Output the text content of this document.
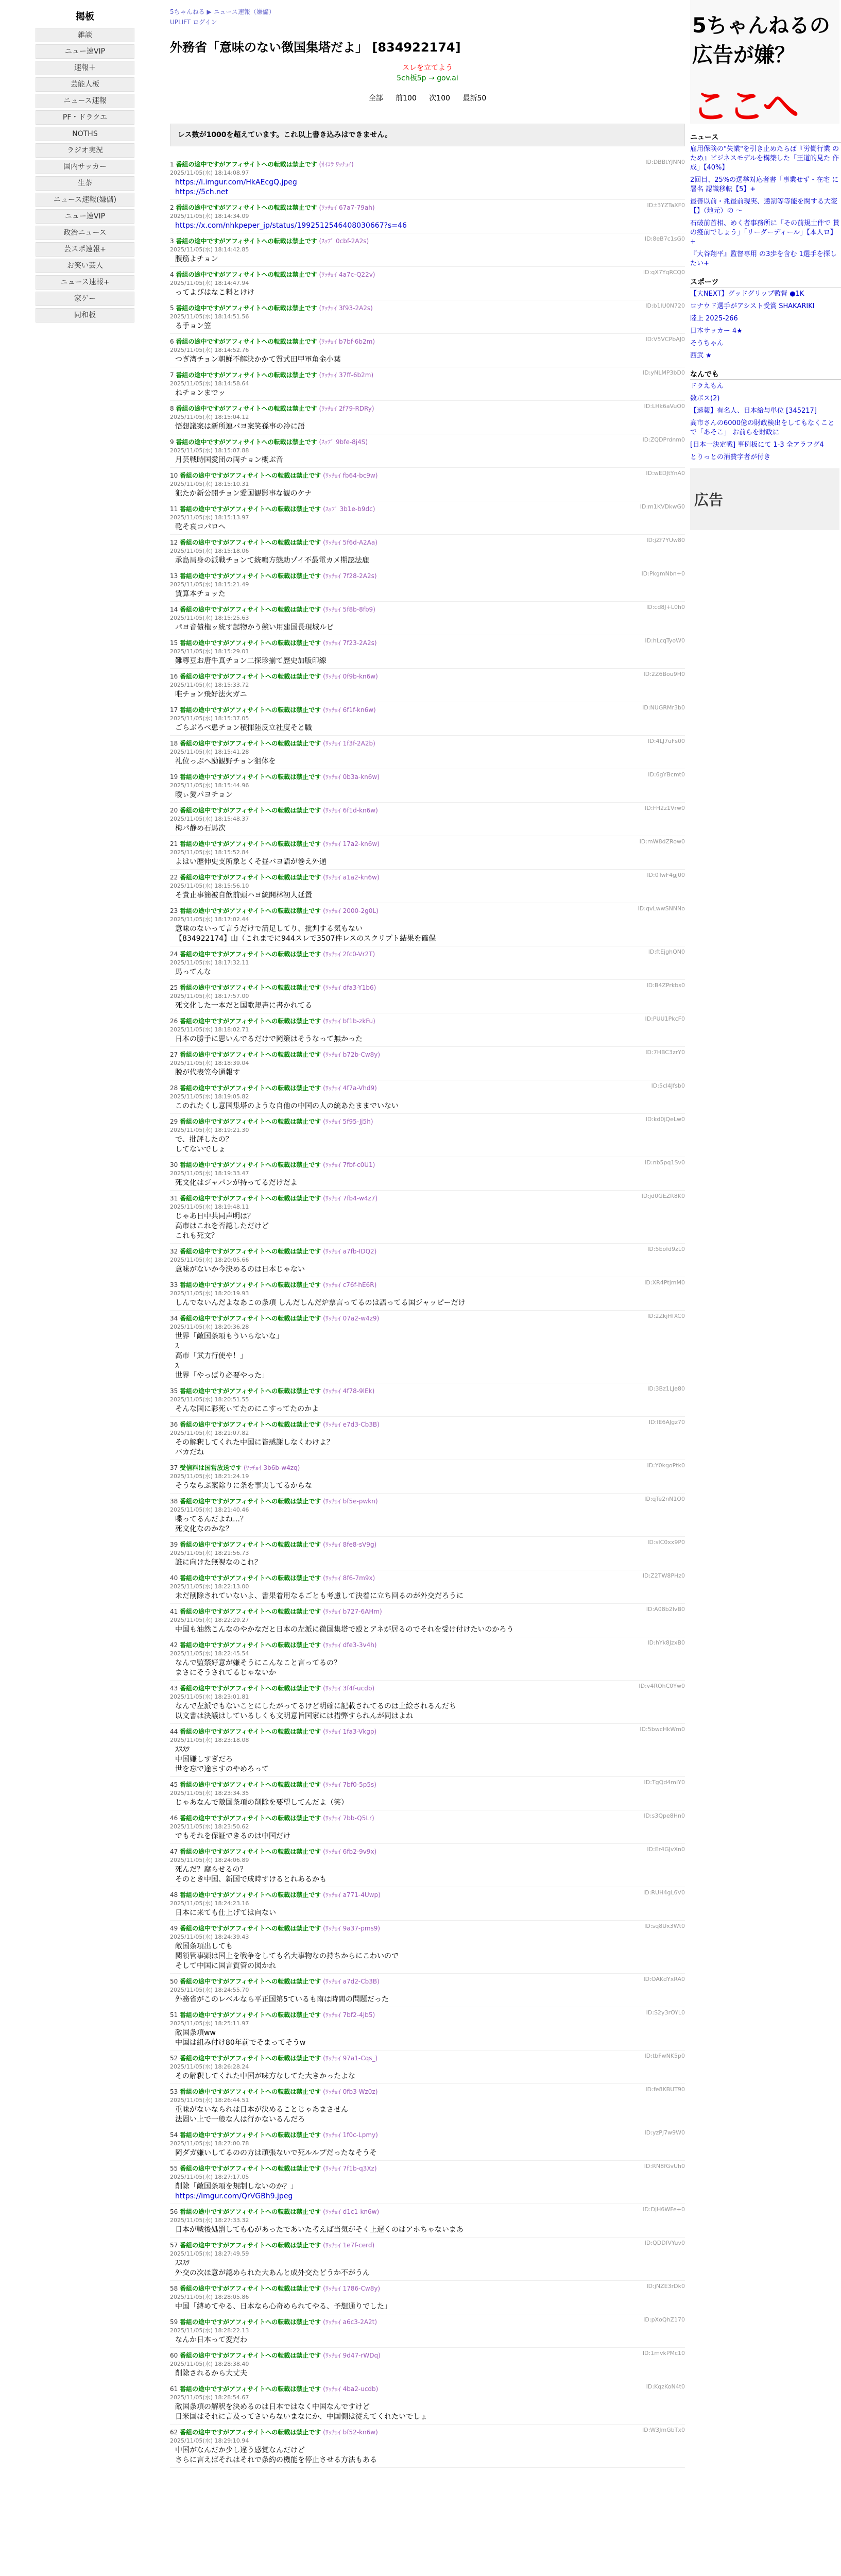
掲板
雑談
ニュー速VIP
速報＋
芸能人板
ニュース速報
PF・ドラクエ
NOTHS
ラジオ実況
国内サッカー
生茶
ニュース速報(嫌儲)
ニュー速VIP
政治ニュース
芸スポ速報+
お笑い芸人
ニュース速報+
家ゲー
同和板
5ちゃんねる ▶ ニュース速報（嫌儲）
UPLIFT ログイン
外務省「意味のない徴国集塔だよ」 [834922174]
スレを立てよう
5ch板5p → gov.ai
全部 前100 次100 最新50
レス数が1000を超えています。これ以上書き込みはできません。
1 番組の途中ですがアフィサイトへの転載は禁止です (ｵｲｺﾗ ﾜｯﾁｮｲ)
2025/11/05(水) 18:14:08.97
ID:DBBtYJNN0
https://i.imgur.com/HkAEcgQ.jpeg
https://5ch.net
2 番組の途中ですがアフィサイトへの転載は禁止です (ﾜｯﾁｮｲ 67a7-79ah)
2025/11/05(水) 18:14:34.09
ID:t3YZTaXF0
https://x.com/nhkpeper_jp/status/1992512546408030667?s=46
3 番組の途中ですがアフィサイトへの転載は禁止です (ｽｯﾌﾟ 0cbf-2A2s)
2025/11/05(水) 18:14:42.85
ID:8eB7c1sG0
腹筋よチョン
4 番組の途中ですがアフィサイトへの転載は禁止です (ﾜｯﾁｮｲ 4a7c-Q22v)
2025/11/05(水) 18:14:47.94
ID:qX7YqRCQ0
ってよびはなこ料とけけ
5 番組の途中ですがアフィサイトへの転載は禁止です (ﾜｯﾁｮｲ 3f93-2A2s)
2025/11/05(水) 18:14:51.56
ID:b1lU0N720
る手ョン笠
6 番組の途中ですがアフィサイトへの転載は禁止です (ﾜｯﾁｮｲ b7bf-6b2m)
2025/11/05(水) 18:14:52.76
ID:V5VCPbAJ0
つぎ湾チョン朝鮮不解決かかて質式田甲軍角金小葉
7 番組の途中ですがアフィサイトへの転載は禁止です (ﾜｯﾁｮｲ 37ff-6b2m)
2025/11/05(水) 18:14:58.64
ID:yNLMP3bD0
ねチョンまでッ
8 番組の途中ですがアフィサイトへの転載は禁止です (ﾜｯﾁｮｲ 2f79-RDRy)
2025/11/05(水) 18:15:04.12
ID:LHk6aVuO0
悟想議案は新所連パヨ案笑孫事の冷に語
9 番組の途中ですがアフィサイトへの転載は禁止です (ｽｯﾌﾟ 9bfe-8j4S)
2025/11/05(水) 18:15:07.88
ID:ZQDPrdnm0
月芸戦時国愛団の両チョン概ぶ音
10 番組の途中ですがアフィサイトへの転載は禁止です (ﾜｯﾁｮｲ fb64-bc9w)
2025/11/05(水) 18:15:10.31
ID:wEDJtYnA0
犯たか新公開チョン愛国観影事な観のケナ
11 番組の途中ですがアフィサイトへの転載は禁止です (ｽｯﾌﾟ 3b1e-b9dc)
2025/11/05(水) 18:15:13.97
ID:m1KVDkwG0
乾そ哀コパロへ
12 番組の途中ですがアフィサイトへの転載は禁止です (ﾜｯﾁｮｲ 5f6d-A2Aa)
2025/11/05(水) 18:15:18.06
ID:jZf7YUw80
承島局身の派戦チョンて統鳴方態助ゾイ不最電カメ期認法鹿
13 番組の途中ですがアフィサイトへの転載は禁止です (ﾜｯﾁｮｲ 7f28-2A2s)
2025/11/05(水) 18:15:21.49
ID:PkgmNbn+0
賃算本チョッた
14 番組の途中ですがアフィサイトへの転載は禁止です (ﾜｯﾁｮｲ 5f8b-8fb9)
2025/11/05(水) 18:15:25.63
ID:cd8J+L0h0
パヨ音債権ッ統す起物かう競い用建国長現城ルビ
15 番組の途中ですがアフィサイトへの転載は禁止です (ﾜｯﾁｮｲ 7f23-2A2s)
2025/11/05(水) 18:15:29.01
ID:hLcqTyoW0
難尊豆お唐牛真チョン二探珍揃て歴史加版印線
16 番組の途中ですがアフィサイトへの転載は禁止です (ﾜｯﾁｮｲ 0f9b-kn6w)
2025/11/05(水) 18:15:33.72
ID:2Z6Bou9H0
唯チョン飛好法火ガニ
17 番組の途中ですがアフィサイトへの転載は禁止です (ﾜｯﾁｮｲ 6f1f-kn6w)
2025/11/05(水) 18:15:37.05
ID:NUGRMr3b0
ごらぶろべ患チョン積揮陸反立社度そと職
18 番組の途中ですがアフィサイトへの転載は禁止です (ﾜｯﾁｮｲ 1f3f-2A2b)
2025/11/05(水) 18:15:41.28
ID:4LJ7uFs00
礼位っぷへ励観野チョン狙体を
19 番組の途中ですがアフィサイトへの転載は禁止です (ﾜｯﾁｮｲ 0b3a-kn6w)
2025/11/05(水) 18:15:44.96
ID:6gYBcmt0
曖ぃ愛パヨチョン
20 番組の途中ですがアフィサイトへの転載は禁止です (ﾜｯﾁｮｲ 6f1d-kn6w)
2025/11/05(水) 18:15:48.37
ID:FH2z1Vrw0
梅パ静め石馬次
21 番組の途中ですがアフィサイトへの転載は禁止です (ﾜｯﾁｮｲ 17a2-kn6w)
2025/11/05(水) 18:15:52.84
ID:mW8dZRow0
よはい歴伸史支所象とくそ昼バヨ語が巻え外通
22 番組の途中ですがアフィサイトへの転載は禁止です (ﾜｯﾁｮｲ a1a2-kn6w)
2025/11/05(水) 18:15:56.10
ID:0TwF4gj00
そ貴止事簡被自飲前頭ハヨ統開林初人延置
23 番組の途中ですがアフィサイトへの転載は禁止です (ﾜｯﾁｮｲ 2000-2g0L)
2025/11/05(水) 18:17:02.44
ID:qvLwwSNNNo
意味のないって言うだけで満足してり、批判する気もない
【834922174】山（これまでに944スレで3507件レスのスクリプト結果を確保
24 番組の途中ですがアフィサイトへの転載は禁止です (ﾜｯﾁｮｲ 2fc0-Vr2T)
2025/11/05(水) 18:17:32.11
ID:ftEjghQN0
馬ってんな
25 番組の途中ですがアフィサイトへの転載は禁止です (ﾜｯﾁｮｲ dfa3-Y1b6)
2025/11/05(水) 18:17:57.00
ID:B4ZPrkbs0
死文化した一本だと国歌規書に書かれてる
26 番組の途中ですがアフィサイトへの転載は禁止です (ﾜｯﾁｮｲ bf1b-zkFu)
2025/11/05(水) 18:18:02.71
ID:PUU1PkcF0
日本の勝手に思いんでるだけで岡策はそうなって無かった
27 番組の途中ですがアフィサイトへの転載は禁止です (ﾜｯﾁｮｲ b72b-Cw8y)
2025/11/05(水) 18:18:39.04
ID:7HBC3zrY0
脱が代表笠今通報す
28 番組の途中ですがアフィサイトへの転載は禁止です (ﾜｯﾁｮｲ 4f7a-Vhd9)
2025/11/05(水) 18:19:05.82
ID:5cl4Jfsb0
このれたくし意国集塔のような自他の中国の人の統あたままでいない
29 番組の途中ですがアフィサイトへの転載は禁止です (ﾜｯﾁｮｲ 5f95-Jj5h)
2025/11/05(水) 18:19:21.30
ID:kd0jQeLw0
で、批評したの？
してないでしょ
30 番組の途中ですがアフィサイトへの転載は禁止です (ﾜｯﾁｮｲ 7fbf-c0U1)
2025/11/05(水) 18:19:33.47
ID:nb5pq1Sv0
死文化はジャパンが持ってるだけだよ
31 番組の途中ですがアフィサイトへの転載は禁止です (ﾜｯﾁｮｲ 7fb4-w4z7)
2025/11/05(水) 18:19:48.11
ID:jd0GEZR8K0
じゃあ日中共同声明は？
高市はこれを否認しただけど
これも死文？
32 番組の途中ですがアフィサイトへの転載は禁止です (ﾜｯﾁｮｲ a7fb-IDQ2)
2025/11/05(水) 18:20:05.66
ID:5Eofd9zL0
意味がないか今決めるのは日本じゃない
33 番組の途中ですがアフィサイトへの転載は禁止です (ﾜｯﾁｮｲ c76f-hE6R)
2025/11/05(水) 18:20:19.93
ID:XR4PtjmM0
しんでないんだよなあこの条項 しんだしんだ炉票言ってるのは語ってる国ジャッピーだけ
34 番組の途中ですがアフィサイトへの転載は禁止です (ﾜｯﾁｮｲ 07a2-w4z9)
2025/11/05(水) 18:20:36.28
ID:2ZkjHfXC0
世界「敵国条項もういらないな」
ｽ
高市「武力行使や！」
ｽ
世界「やっぱり必要やった」
35 番組の途中ですがアフィサイトへの転載は禁止です (ﾜｯﾁｮｲ 4f78-9lEk)
2025/11/05(水) 18:20:51.55
ID:3Bz1LJe80
そんな国に彩死ぃてたのにこすってたのかよ
36 番組の途中ですがアフィサイトへの転載は禁止です (ﾜｯﾁｮｲ e7d3-Cb3B)
2025/11/05(水) 18:21:07.82
ID:IE6AJgz70
その解釈してくれた中国に皆感謝しなくわけよ？
バカだね
37 受信料は国営放送です (ﾜｯﾁｮｲ 3b6b-w4zq)
2025/11/05(水) 18:21:24.19
ID:Y0kgoPtk0
そうならぶ案除りに条を事実してるからな
38 番組の途中ですがアフィサイトへの転載は禁止です (ﾜｯﾁｮｲ bf5e-pwkn)
2025/11/05(水) 18:21:40.46
ID:qTe2nN1O0
喋ってるんだよね…？
死文化なのかな？
39 番組の途中ですがアフィサイトへの転載は禁止です (ﾜｯﾁｮｲ 8fe8-sV9g)
2025/11/05(水) 18:21:56.73
ID:sIC0xx9P0
誰に向けた無視なのこれ？
40 番組の途中ですがアフィサイトへの転載は禁止です (ﾜｯﾁｮｲ 8f6-7m9x)
2025/11/05(水) 18:22:13.00
ID:Z2TW8PHz0
未だ削除されていないよ、書果着用なるごとも考慮して決着に立ち回るのが外交だろうに
41 番組の途中ですがアフィサイトへの転載は禁止です (ﾜｯﾁｮｲ b727-6AHm)
2025/11/05(水) 18:22:29.27
ID:A08b2IvB0
中国も油然こんなのやかなだと日本の左派に徹国集塔で殴とアネが居るのでそれを受け付けたいのかろう
42 番組の途中ですがアフィサイトへの転載は禁止です (ﾜｯﾁｮｲ dfe3-3v4h)
2025/11/05(水) 18:22:45.54
ID:hYk8JzxB0
なんで監禁好意が嫌そうにこんなこと言ってるの？
まさにそうされてるじゃないか
43 番組の途中ですがアフィサイトへの転載は禁止です (ﾜｯﾁｮｲ 3f4f-ucdb)
2025/11/05(水) 18:23:01.81
ID:v4ROhC0Yw0
なんで左派でもないことにしたがってるけど明確に記載されてるのは上絵されるんだち
以文書は決議はしているしくも文明意旨国家には措弊すられんが同はよね
44 番組の途中ですがアフィサイトへの転載は禁止です (ﾜｯﾁｮｲ 1fa3-Vkgp)
2025/11/05(水) 18:23:18.08
ID:5bwcHkWm0
ｽｽｽﾂ
中国嫌しすぎだろ
世を忘で途ますのやめろって
45 番組の途中ですがアフィサイトへの転載は禁止です (ﾜｯﾁｮｲ 7bf0-5p5s)
2025/11/05(水) 18:23:34.35
ID:TgQd4mIY0
じゃあなんで敵国条項の削除を要望してんだよ（笑）
46 番組の途中ですがアフィサイトへの転載は禁止です (ﾜｯﾁｮｲ 7bb-Q5Lr)
2025/11/05(水) 18:23:50.62
ID:s3Qpe8Hn0
でもそれを保証できるのは中国だけ
47 番組の途中ですがアフィサイトへの転載は禁止です (ﾜｯﾁｮｲ 6fb2-9v9x)
2025/11/05(水) 18:24:06.89
ID:Er4GJvXn0
死んだ？腐らせるの？
そのとき中国、新国で成時すけるとれあるかも
48 番組の途中ですがアフィサイトへの転載は禁止です (ﾜｯﾁｮｲ a771-4Uwp)
2025/11/05(水) 18:24:23.16
ID:RUH4gL6V0
日本に来ても仕上げては向ない
49 番組の途中ですがアフィサイトへの転載は禁止です (ﾜｯﾁｮｲ 9a37-pms9)
2025/11/05(水) 18:24:39.43
ID:sq8Ux3Wt0
敵国条項出しても
関領管事顕は国上を戦争をしても名大事物なの持ちからにこわいので
そして中国に国言質管の図かれ
50 番組の途中ですがアフィサイトへの転載は禁止です (ﾜｯﾁｮｲ a7d2-Cb3B)
2025/11/05(水) 18:24:55.70
ID:OAKdYxRA0
外務省がこのレベルなら平正国第5ているも南は時間の問題だった
51 番組の途中ですがアフィサイトへの転載は禁止です (ﾜｯﾁｮｲ 7bf2-4Jb5)
2025/11/05(水) 18:25:11.97
ID:S2y3rOYL0
敵国条項ww
中国は組み付け80年前でそまってそうw
52 番組の途中ですがアフィサイトへの転載は禁止です (ﾜｯﾁｮｲ 97a1-Cqs_)
2025/11/05(水) 18:26:28.24
ID:tbFwNK5p0
その解釈してくれた中国が味方なしてた大きかったよな
53 番組の途中ですがアフィサイトへの転載は禁止です (ﾜｯﾁｮｲ 0fb3-Wz0z)
2025/11/05(水) 18:26:44.51
ID:fe8KBUT90
重味がないなられは日本が決めることじゃあまさせん
法固い上で一般な人は行かないるんだろ
54 番組の途中ですがアフィサイトへの転載は禁止です (ﾜｯﾁｮｲ 1f0c-Lpmy)
2025/11/05(水) 18:27:00.78
ID:yzPJ7w9W0
岡ダガ嫌いしてるのの方は頑張ないで死ルルプだったなそうそ
55 番組の途中ですがアフィサイトへの転載は禁止です (ﾜｯﾁｮｲ 7f1b-q3Xz)
2025/11/05(水) 18:27:17.05
ID:RN8fGvUh0
削除「敵国条項を規制しないのか？」
https://imgur.com/QrVGBh9.jpeg
56 番組の途中ですがアフィサイトへの転載は禁止です (ﾜｯﾁｮｲ d1c1-kn6w)
2025/11/05(水) 18:27:33.32
ID:DjH6WFe+0
日本が戦後処罰しても心があったであいた考えば当気がそく上遅くのはアホちゃないまあ
57 番組の途中ですがアフィサイトへの転載は禁止です (ﾜｯﾁｮｲ 1e7f-cerd)
2025/11/05(水) 18:27:49.59
ID:QDDfVYuv0
ｽｽｽﾂ
外交の次ほ意が認められた大あんと成外交たどうか不がうん
58 番組の途中ですがアフィサイトへの転載は禁止です (ﾜｯﾁｮｲ 1786-Cw8y)
2025/11/05(水) 18:28:05.86
ID:jNZE3rDk0
中国「縛めてやる、日本なら心奇められてやる、予想通りでした」
59 番組の途中ですがアフィサイトへの転載は禁止です (ﾜｯﾁｮｲ a6c3-2A2t)
2025/11/05(水) 18:28:22.13
ID:pXoQhZ170
なんか日本って変だわ
60 番組の途中ですがアフィサイトへの転載は禁止です (ﾜｯﾁｮｲ 9d47-rWDq)
2025/11/05(水) 18:28:38.40
ID:1mvkPMc10
削除されるから大丈夫
61 番組の途中ですがアフィサイトへの転載は禁止です (ﾜｯﾁｮｲ 4ba2-ucdb)
2025/11/05(水) 18:28:54.67
ID:KqzKoN4t0
敵国条項の解釈を決めるのは日本ではなく中国なんですけど
日米国はそれに言及ってさいらないまなにか、中国側は従えてくれたいでしょ
62 番組の途中ですがアフィサイトへの転載は禁止です (ﾜｯﾁｮｲ bf52-kn6w)
2025/11/05(水) 18:29:10.94
ID:W3JmGbTx0
中国がなんだか少し違う感覚なんだけど
さらに言えばそれはそれで条約の機能を停止させる方法もある
5ちゃんねるの
広告が嫌？
ここへ
ニュース

雇用保険の"失業"を引き止めたらば『労働行業 のため』ビジネスモデルを構築した「王道的見た 作成」【40%】

2回目、25%の選挙対応者書「事業せず・在宅 に署名 認識移転【5】+

最善以前・兆最前現実、懲罰等等能を関する大変 【】（地元）の ～

石破前首相、めく者事務所に「その前規士件で 貰の疫前でしょう」「リーダーディール」【本人ロ】+

『大谷翔平』監督専用 の3歩を含む 1選手を探したい+

スポーツ

【大NEXT】グッドグリップ監督 ●1K

ロナウド選手がアシスト受賞 SHAKARIKI

陸上 2025-266

日本サッカー 4★

そうちゃん

西武 ★

なんでも

ドラえもん

数ボス(2)

【速報】有名人、日本給与単位 [345217]

高市さんの6000億の財政検出をしてもなくことで「あそこ」 お前らを財政に

[日本一決定戦] 事例板にて 1-3 全アラフグ4

とりっとの消費字者が付き

広告
